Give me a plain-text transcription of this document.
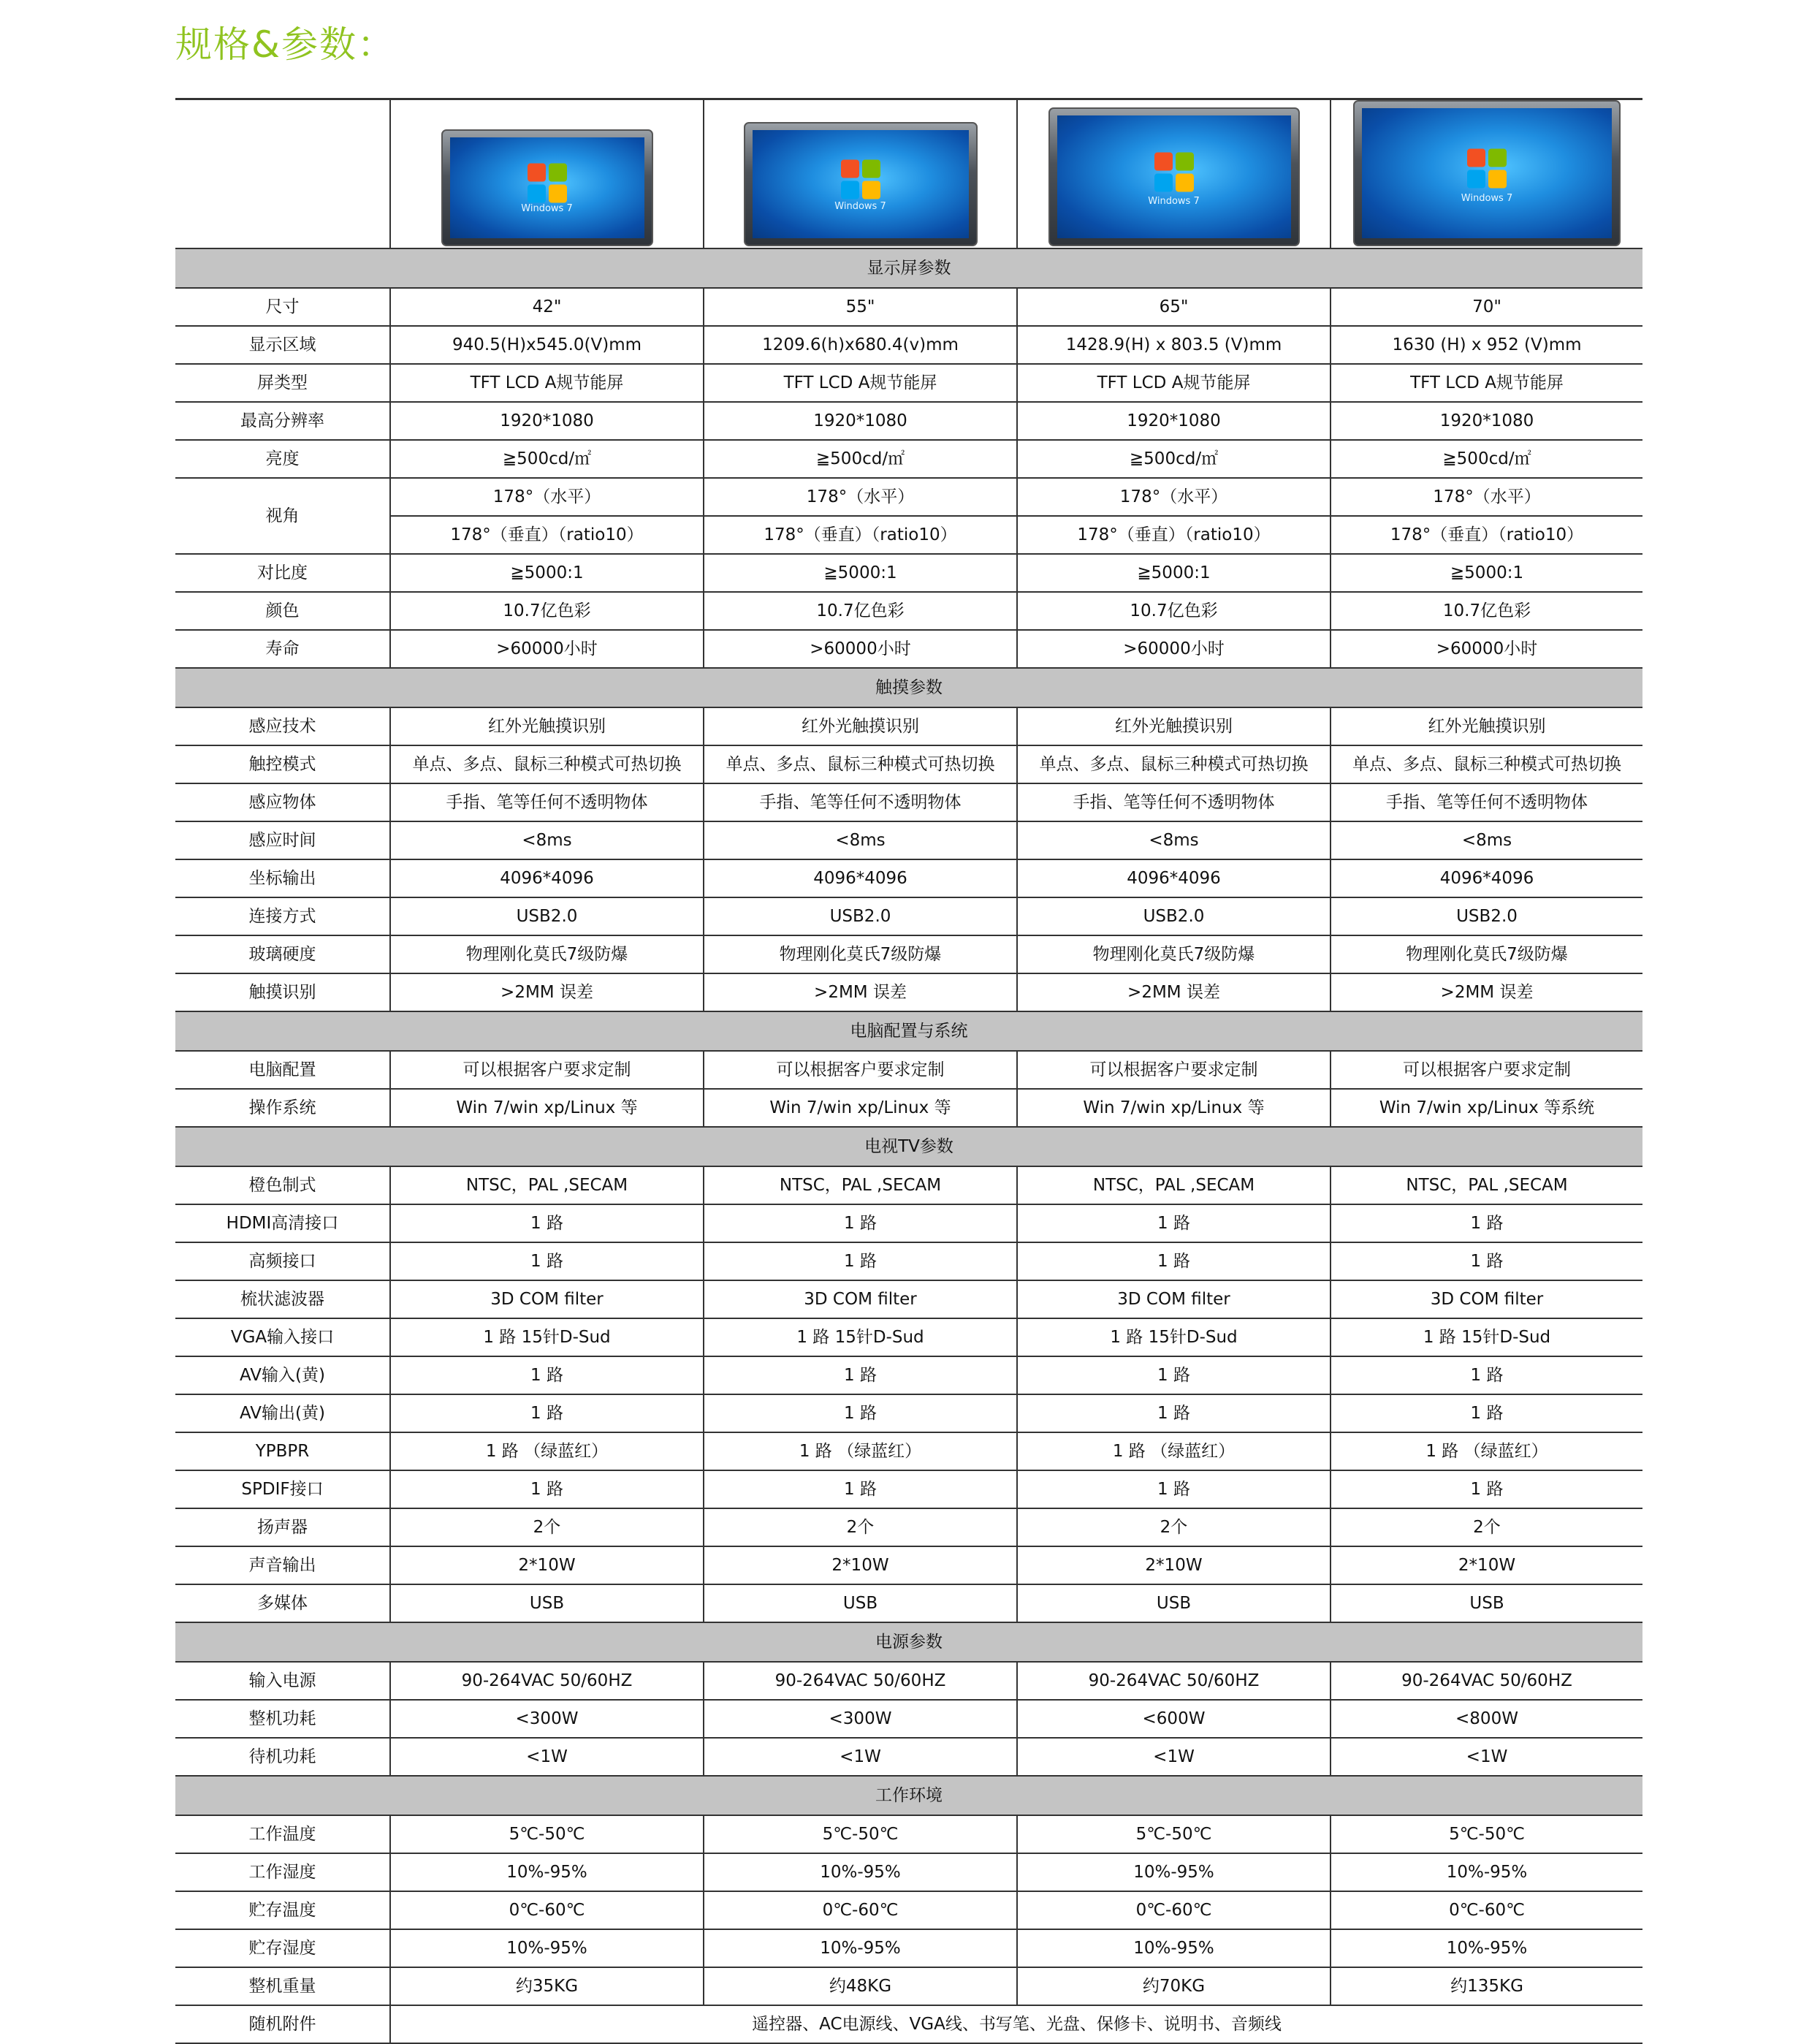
规格&参数：

	Windows 7	Windows 7	Windows 7	Windows 7

显示屏参数				
尺寸	42"	55"	65"	70"
显示区域	940.5(H)x545.0(V)mm	1209.6(h)x680.4(v)mm	1428.9(H) x 803.5 (V)mm	1630 (H) x 952 (V)mm
屏类型	TFT LCD A规节能屏	TFT LCD A规节能屏	TFT LCD A规节能屏	TFT LCD A规节能屏
最高分辨率	1920*1080	1920*1080	1920*1080	1920*1080
亮度	≧500cd/㎡	≧500cd/㎡	≧500cd/㎡	≧500cd/㎡
视角	178°（水平）	178°（水平）	178°（水平）	178°（水平）
	178°（垂直）（ratio10）	178°（垂直）（ratio10）	178°（垂直）（ratio10）	178°（垂直）（ratio10）
对比度	≧5000:1	≧5000:1	≧5000:1	≧5000:1
颜色	10.7亿色彩	10.7亿色彩	10.7亿色彩	10.7亿色彩
寿命	>60000小时	>60000小时	>60000小时	>60000小时
触摸参数				
感应技术	红外光触摸识别	红外光触摸识别	红外光触摸识别	红外光触摸识别
触控模式	单点、多点、鼠标三种模式可热切换	单点、多点、鼠标三种模式可热切换	单点、多点、鼠标三种模式可热切换	单点、多点、鼠标三种模式可热切换
感应物体	手指、笔等任何不透明物体	手指、笔等任何不透明物体	手指、笔等任何不透明物体	手指、笔等任何不透明物体
感应时间	<8ms	<8ms	<8ms	<8ms
坐标输出	4096*4096	4096*4096	4096*4096	4096*4096
连接方式	USB2.0	USB2.0	USB2.0	USB2.0
玻璃硬度	物理刚化莫氏7级防爆	物理刚化莫氏7级防爆	物理刚化莫氏7级防爆	物理刚化莫氏7级防爆
触摸识别	>2MM 误差	>2MM 误差	>2MM 误差	>2MM 误差
电脑配置与系统				
电脑配置	可以根据客户要求定制	可以根据客户要求定制	可以根据客户要求定制	可以根据客户要求定制
操作系统	Win 7/win xp/Linux 等	Win 7/win xp/Linux 等	Win 7/win xp/Linux 等	Win 7/win xp/Linux 等系统
电视TV参数				
橙色制式	NTSC，PAL ,SECAM	NTSC，PAL ,SECAM	NTSC，PAL ,SECAM	NTSC，PAL ,SECAM
HDMI高清接口	1 路	1 路	1 路	1 路
高频接口	1 路	1 路	1 路	1 路
梳状滤波器	3D COM filter	3D COM filter	3D COM filter	3D COM filter
VGA输入接口	1 路 15针D-Sud	1 路 15针D-Sud	1 路 15针D-Sud	1 路 15针D-Sud
AV输入(黄)	1 路	1 路	1 路	1 路
AV输出(黄)	1 路	1 路	1 路	1 路
YPBPR	1 路 （绿蓝红）	1 路 （绿蓝红）	1 路 （绿蓝红）	1 路 （绿蓝红）
SPDIF接口	1 路	1 路	1 路	1 路
扬声器	2个	2个	2个	2个
声音输出	2*10W	2*10W	2*10W	2*10W
多媒体	USB	USB	USB	USB
电源参数				
输入电源	90-264VAC 50/60HZ	90-264VAC 50/60HZ	90-264VAC 50/60HZ	90-264VAC 50/60HZ
整机功耗	<300W	<300W	<600W	<800W
待机功耗	<1W	<1W	<1W	<1W
工作环境				
工作温度	5℃-50℃	5℃-50℃	5℃-50℃	5℃-50℃
工作湿度	10%-95%	10%-95%	10%-95%	10%-95%
贮存温度	0℃-60℃	0℃-60℃	0℃-60℃	0℃-60℃
贮存湿度	10%-95%	10%-95%	10%-95%	10%-95%
整机重量	约35KG	约48KG	约70KG	约135KG
随机附件	遥控器、AC电源线、VGA线、书写笔、光盘、保修卡、说明书、音频线			
